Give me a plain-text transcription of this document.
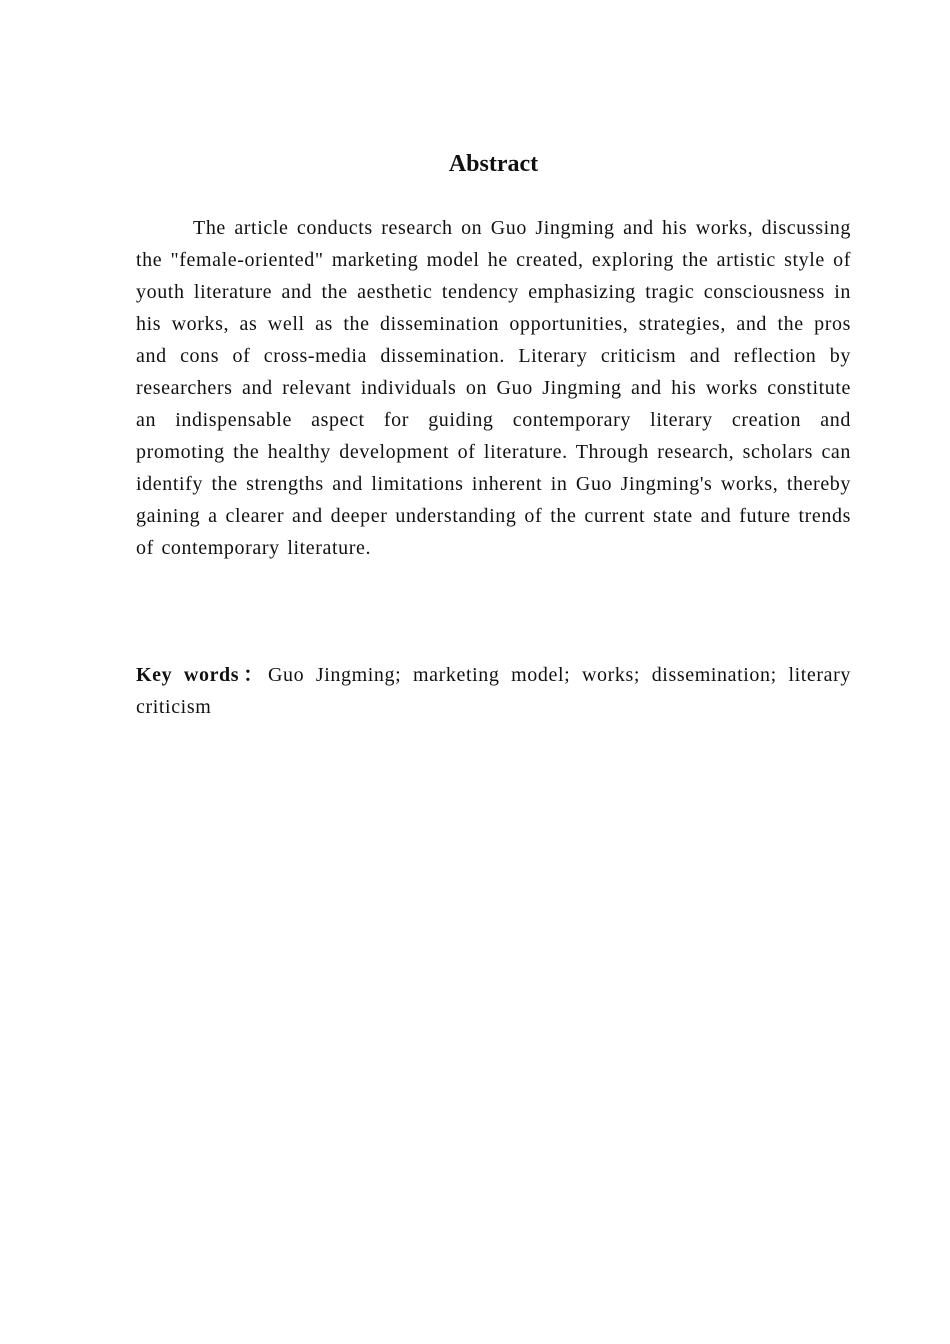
Abstract

The article conducts research on Guo Jingming and his works, discussing the "female-oriented" marketing model he created, exploring the artistic style of youth literature and the aesthetic tendency emphasizing tragic consciousness in his works, as well as the dissemination opportunities, strategies, and the pros and cons of cross-media dissemination. Literary criticism and reflection by researchers and relevant individuals on Guo Jingming and his works constitute an indispensable aspect for guiding contemporary literary creation and promoting the healthy development of literature. Through research, scholars can identify the strengths and limitations inherent in Guo Jingming's works, thereby gaining a clearer and deeper understanding of the current state and future trends of contemporary literature.

Key words：Guo Jingming; marketing model; works; dissemination; literary criticism
